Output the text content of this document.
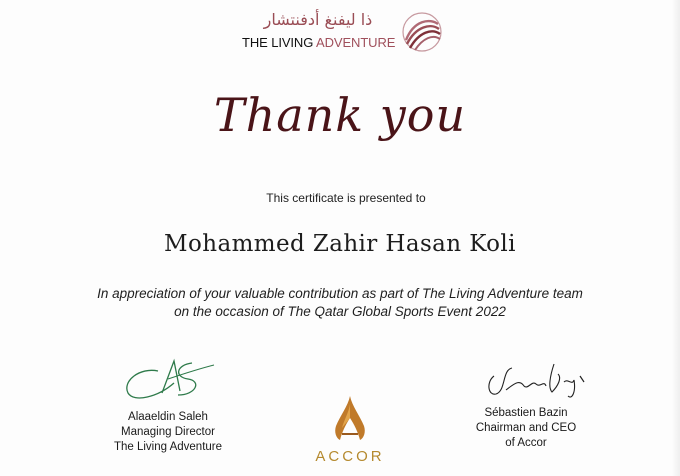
ذا ليفنغ أدفنتشار
THE LIVING ADVENTURE
Thank you
This certificate is presented to
Mohammed Zahir Hasan Koli
In appreciation of your valuable contribution as part of The Living Adventure team
on the occasion of The Qatar Global Sports Event 2022
Alaaeldin Saleh
Managing Director
The Living Adventure
ACCOR
Sébastien Bazin
Chairman and CEO
of Accor
